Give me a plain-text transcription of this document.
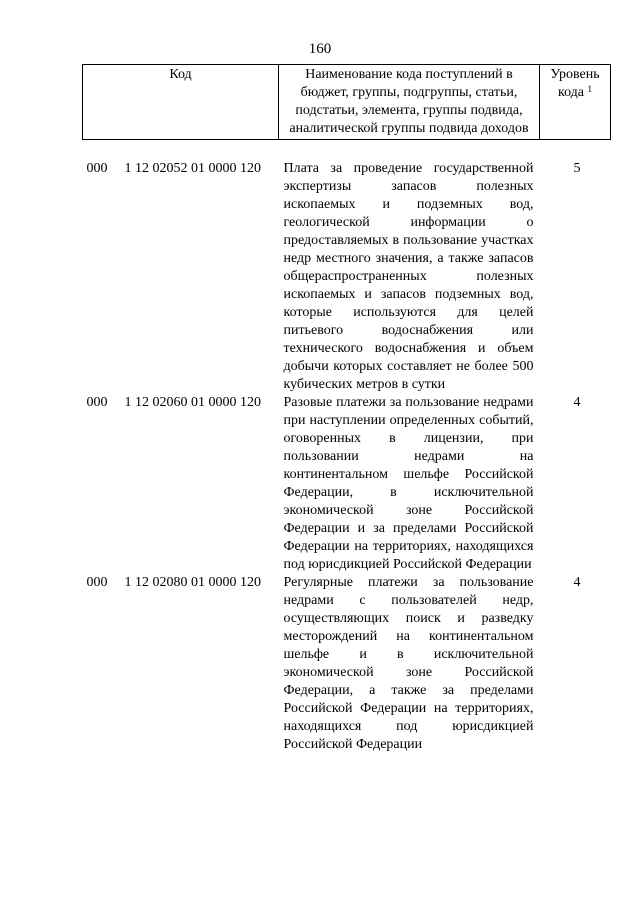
160
Код		Наименование кода поступлений в бюджет, группы, подгруппы, статьи, подстатьи, элемента, группы подвида, аналитической группы подвида доходов	Уровень кода $^1$

000	1 12 02052 01 0000 120	Плата за проведение государственной экспертизы запасов полезных ископаемых и подземных вод, геологической информации о предоставляемых в пользование участках недр местного значения, а также запасов общераспространенных полезных ископаемых и запасов подземных вод, которые используются для целей питьевого водоснабжения или технического водоснабжения и объем добычи которых составляет не более 500 кубических метров в сутки	5
000	1 12 02060 01 0000 120	Разовые платежи за пользование недрами при наступлении определенных событий, оговоренных в лицензии, при пользовании недрами на континентальном шельфе Российской Федерации, в исключительной экономической зоне Российской Федерации и за пределами Российской Федерации на территориях, находящихся под юрисдикцией Российской Федерации	4
000	1 12 02080 01 0000 120	Регулярные платежи за пользование недрами с пользователей недр, осуществляющих поиск и разведку месторождений на континентальном шельфе и в исключительной экономической зоне Российской Федерации, а также за пределами Российской Федерации на территориях, находящихся под юрисдикцией Российской Федерации	4
